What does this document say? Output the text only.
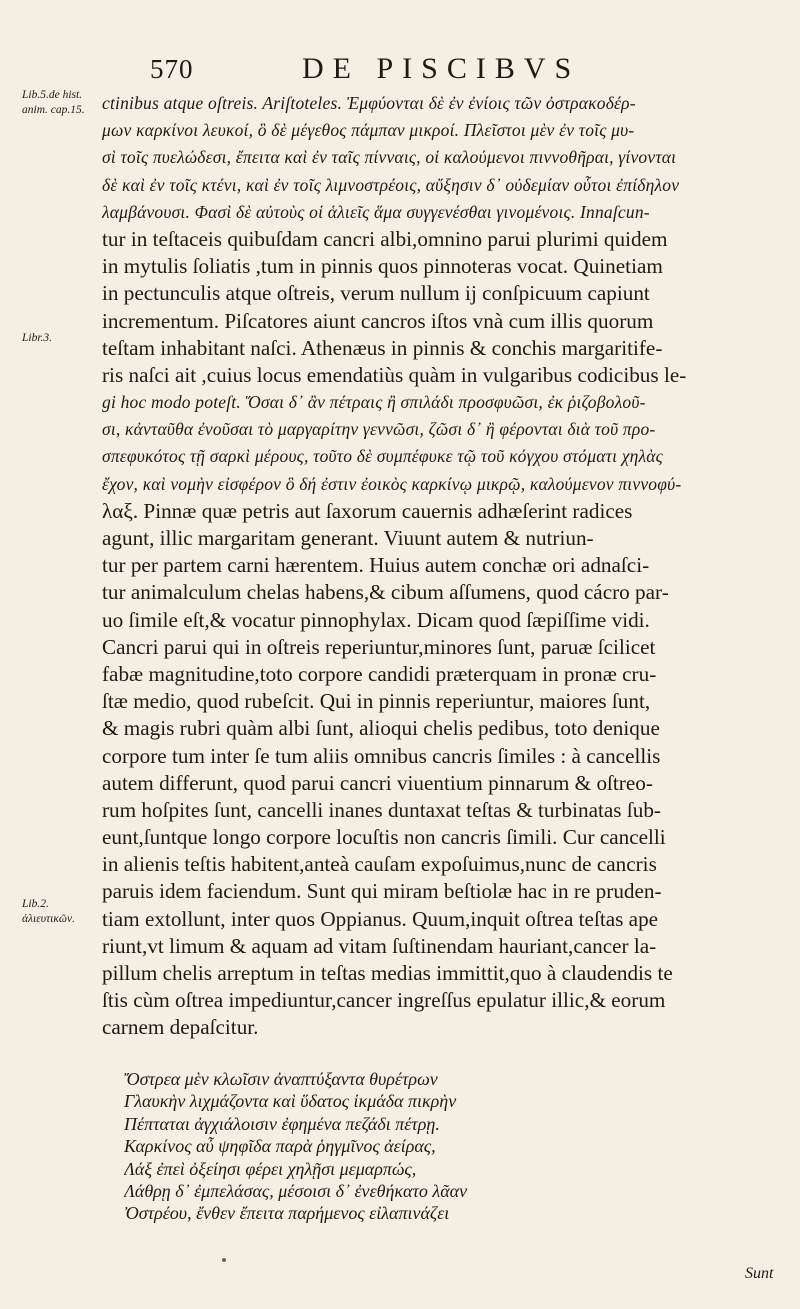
570	DE PISCIBVS
Lib.5.de hist. anim. cap.15.
Libr.3.
Lib.2. ἀλιευτικῶν.
ctinibus atque oſtreis. Ariſtoteles. Ἐμφύονται δὲ ἐν ἐνίοις τῶν ὀστρακοδέρ-
μων καρκίνοι λευκοί, ὃ δὲ μέγεθος πάμπαν μικροί. Πλεῖστοι μὲν ἐν τοῖς μυ-
σὶ τοῖς πυελώδεσι, ἔπειτα καὶ ἐν ταῖς πίνναις, οἱ καλούμενοι πιννοθῆραι, γίνονται
δὲ καὶ ἐν τοῖς κτένι, καὶ ἐν τοῖς λιμνοστρέοις, αὔξησιν δ᾽ οὐδεμίαν οὗτοι ἐπίδηλον
λαμβάνουσι. Φασὶ δὲ αὐτοὺς οἱ ἁλιεῖς ἅμα συγγενέσθαι γινομένοις. Innaſcun-
tur in teſtaceis quibuſdam cancri albi,omnino parui plurimi quidem
in mytulis ſoliatis ,tum in pinnis quos pinnoteras vocat. Quinetiam
in pectunculis atque oſtreis, verum nullum ij conſpicuum capiunt
incrementum. Piſcatores aiunt cancros iſtos vnà cum illis quorum
teſtam inhabitant naſci. Athenæus in pinnis & conchis margaritife-
ris naſci ait ,cuius locus emendatiùs quàm in vulgaribus codicibus le-
gi hoc modo poteſt. Ὅσαι δ᾽ ἂν πέτραις ἢ σπιλάδι προσφυῶσι, ἐκ ῥιζοβολοῦ-
σι, κἀνταῦθα ἐνοῦσαι τὸ μαργαρίτην γεννῶσι, ζῶσι δ᾽ ἢ φέρονται διὰ τοῦ προ-
σπεφυκότος τῇ σαρκὶ μέρους, τοῦτο δὲ συμπέφυκε τῷ τοῦ κόγχου στόματι χηλὰς
ἔχον, καὶ νομὴν εἰσφέρον ὃ δή ἐστιν ἐοικὸς καρκίνῳ μικρῷ, καλούμενον πιννοφύ-
λαξ. Pinnæ quæ petris aut ſaxorum cauernis adhæſerint radices
agunt, illic margaritam generant. Viuunt autem & nutriun-
tur per partem carni hærentem. Huius autem conchæ ori adnaſci-
tur animalculum chelas habens,& cibum aſſumens, quod cácro par-
uo ſimile eſt,& vocatur pinnophylax. Dicam quod ſæpiſſime vidi.
Cancri parui qui in oſtreis reperiuntur,minores ſunt, paruæ ſcilicet
fabæ magnitudine,toto corpore candidi præterquam in pronæ cru-
ſtæ medio, quod rubeſcit. Qui in pinnis reperiuntur, maiores ſunt,
& magis rubri quàm albi ſunt, alioqui chelis pedibus, toto denique
corpore tum inter ſe tum aliis omnibus cancris ſimiles : à cancellis
autem differunt, quod parui cancri viuentium pinnarum & oſtreo-
rum hoſpites ſunt, cancelli inanes duntaxat teſtas & turbinatas ſub-
eunt,ſuntque longo corpore locuſtis non cancris ſimili. Cur cancelli
in alienis teſtis habitent,anteà cauſam expoſuimus,nunc de cancris
paruis idem faciendum. Sunt qui miram beſtiolæ hac in re pruden-
tiam extollunt, inter quos Oppianus. Quum,inquit oſtrea teſtas ape
riunt,vt limum & aquam ad vitam ſuſtinendam hauriant,cancer la-
pillum chelis arreptum in teſtas medias immittit,quo à claudendis te
ſtis cùm oſtrea impediuntur,cancer ingreſſus epulatur illic,& eorum
carnem depaſcitur.
Ὄστρεα μὲν κλωῖσιν ἀναπτύξαντα θυρέτρων
Γλαυκὴν λιχμάζοντα καὶ ὕδατος ἱκμάδα πικρὴν
Πέπταται ἀγχιάλοισιν ἐφημένα πεζάδι πέτρῃ.
Καρκίνος αὖ ψηφῖδα παρὰ ῥηγμῖνος ἀείρας,
Λάξ ἐπεὶ ὀξείησι φέρει χηλῇσι μεμαρπώς,
Λάθρῃ δ᾽ ἐμπελάσας, μέσοισι δ᾽ ἐνεθήκατο λᾶαν
Ὀστρέου, ἔνθεν ἔπειτα παρήμενος εἰλαπινάζει
Sunt
